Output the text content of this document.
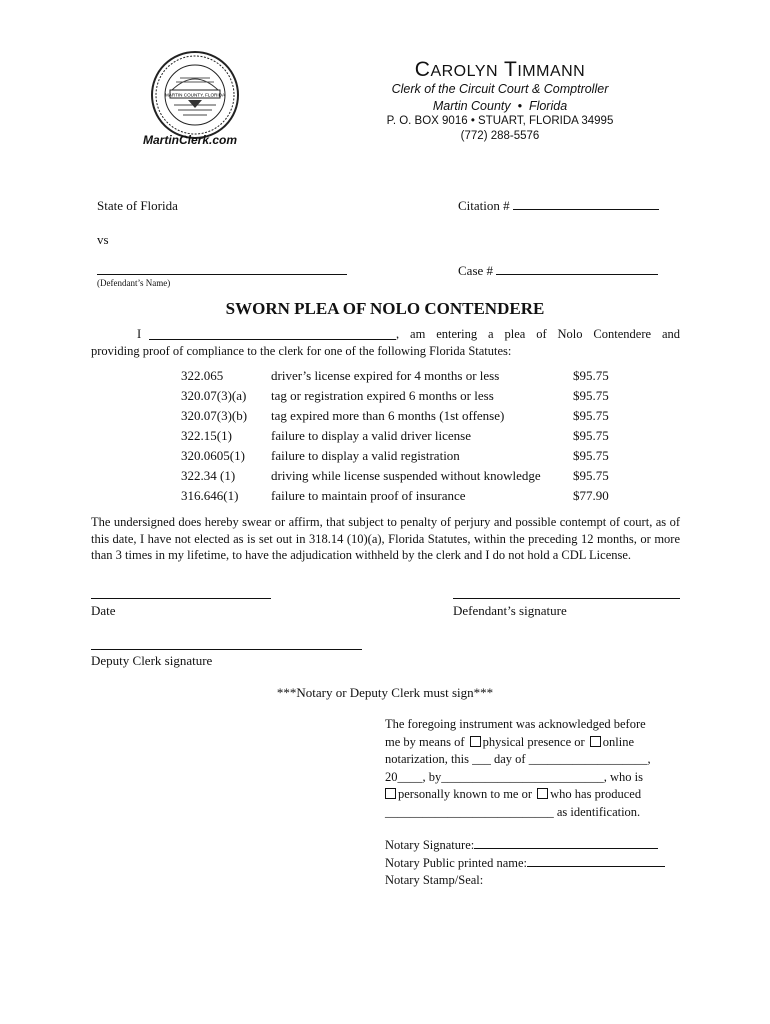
MARTIN COUNTY, FLORIDA
MartinClerk.com
CAROLYN TIMMANN
Clerk of the Circuit Court & Comptroller
Martin County  •  Florida
P. O. BOX 9016 • STUART, FLORIDA 34995
(772) 288-5576
State of Florida	Citation #
vs
(Defendant’s Name)
Case #
SWORN PLEA OF NOLO CONTENDERE
I	, am entering a plea of Nolo Contendere and
providing proof of compliance to the clerk for one of the following Florida Statutes:
322.065	driver’s license expired for 4 months or less	$95.75
320.07(3)(a) tag or registration expired 6 months or less	$95.75
320.07(3)(b) tag expired more than 6 months (1st offense)	$95.75
322.15(1)	failure to display a valid driver license	$95.75
320.0605(1) failure to display a valid registration	$95.75
322.34 (1)	driving while license suspended without knowledge $95.75
316.646(1)	failure to maintain proof of insurance	$77.90
The undersigned does hereby swear or affirm, that subject to penalty of perjury and possible contempt of court, as of this date, I have not elected as is set out in 318.14 (10)(a), Florida Statutes, within the preceding 12 months, or more than 3 times in my lifetime, to have the adjudication withheld by the clerk and I do not hold a CDL License.
Date	Defendant’s signature
Deputy Clerk signature
***Notary or Deputy Clerk must sign***
The foregoing instrument was acknowledged before
me by means of physical presence or online
notarization, this ___ day of ___________________,
20____, by__________________________, who is
personally known to me or who has produced
___________________________ as identification.
Notary Signature:
Notary Public printed name:
Notary Stamp/Seal:
